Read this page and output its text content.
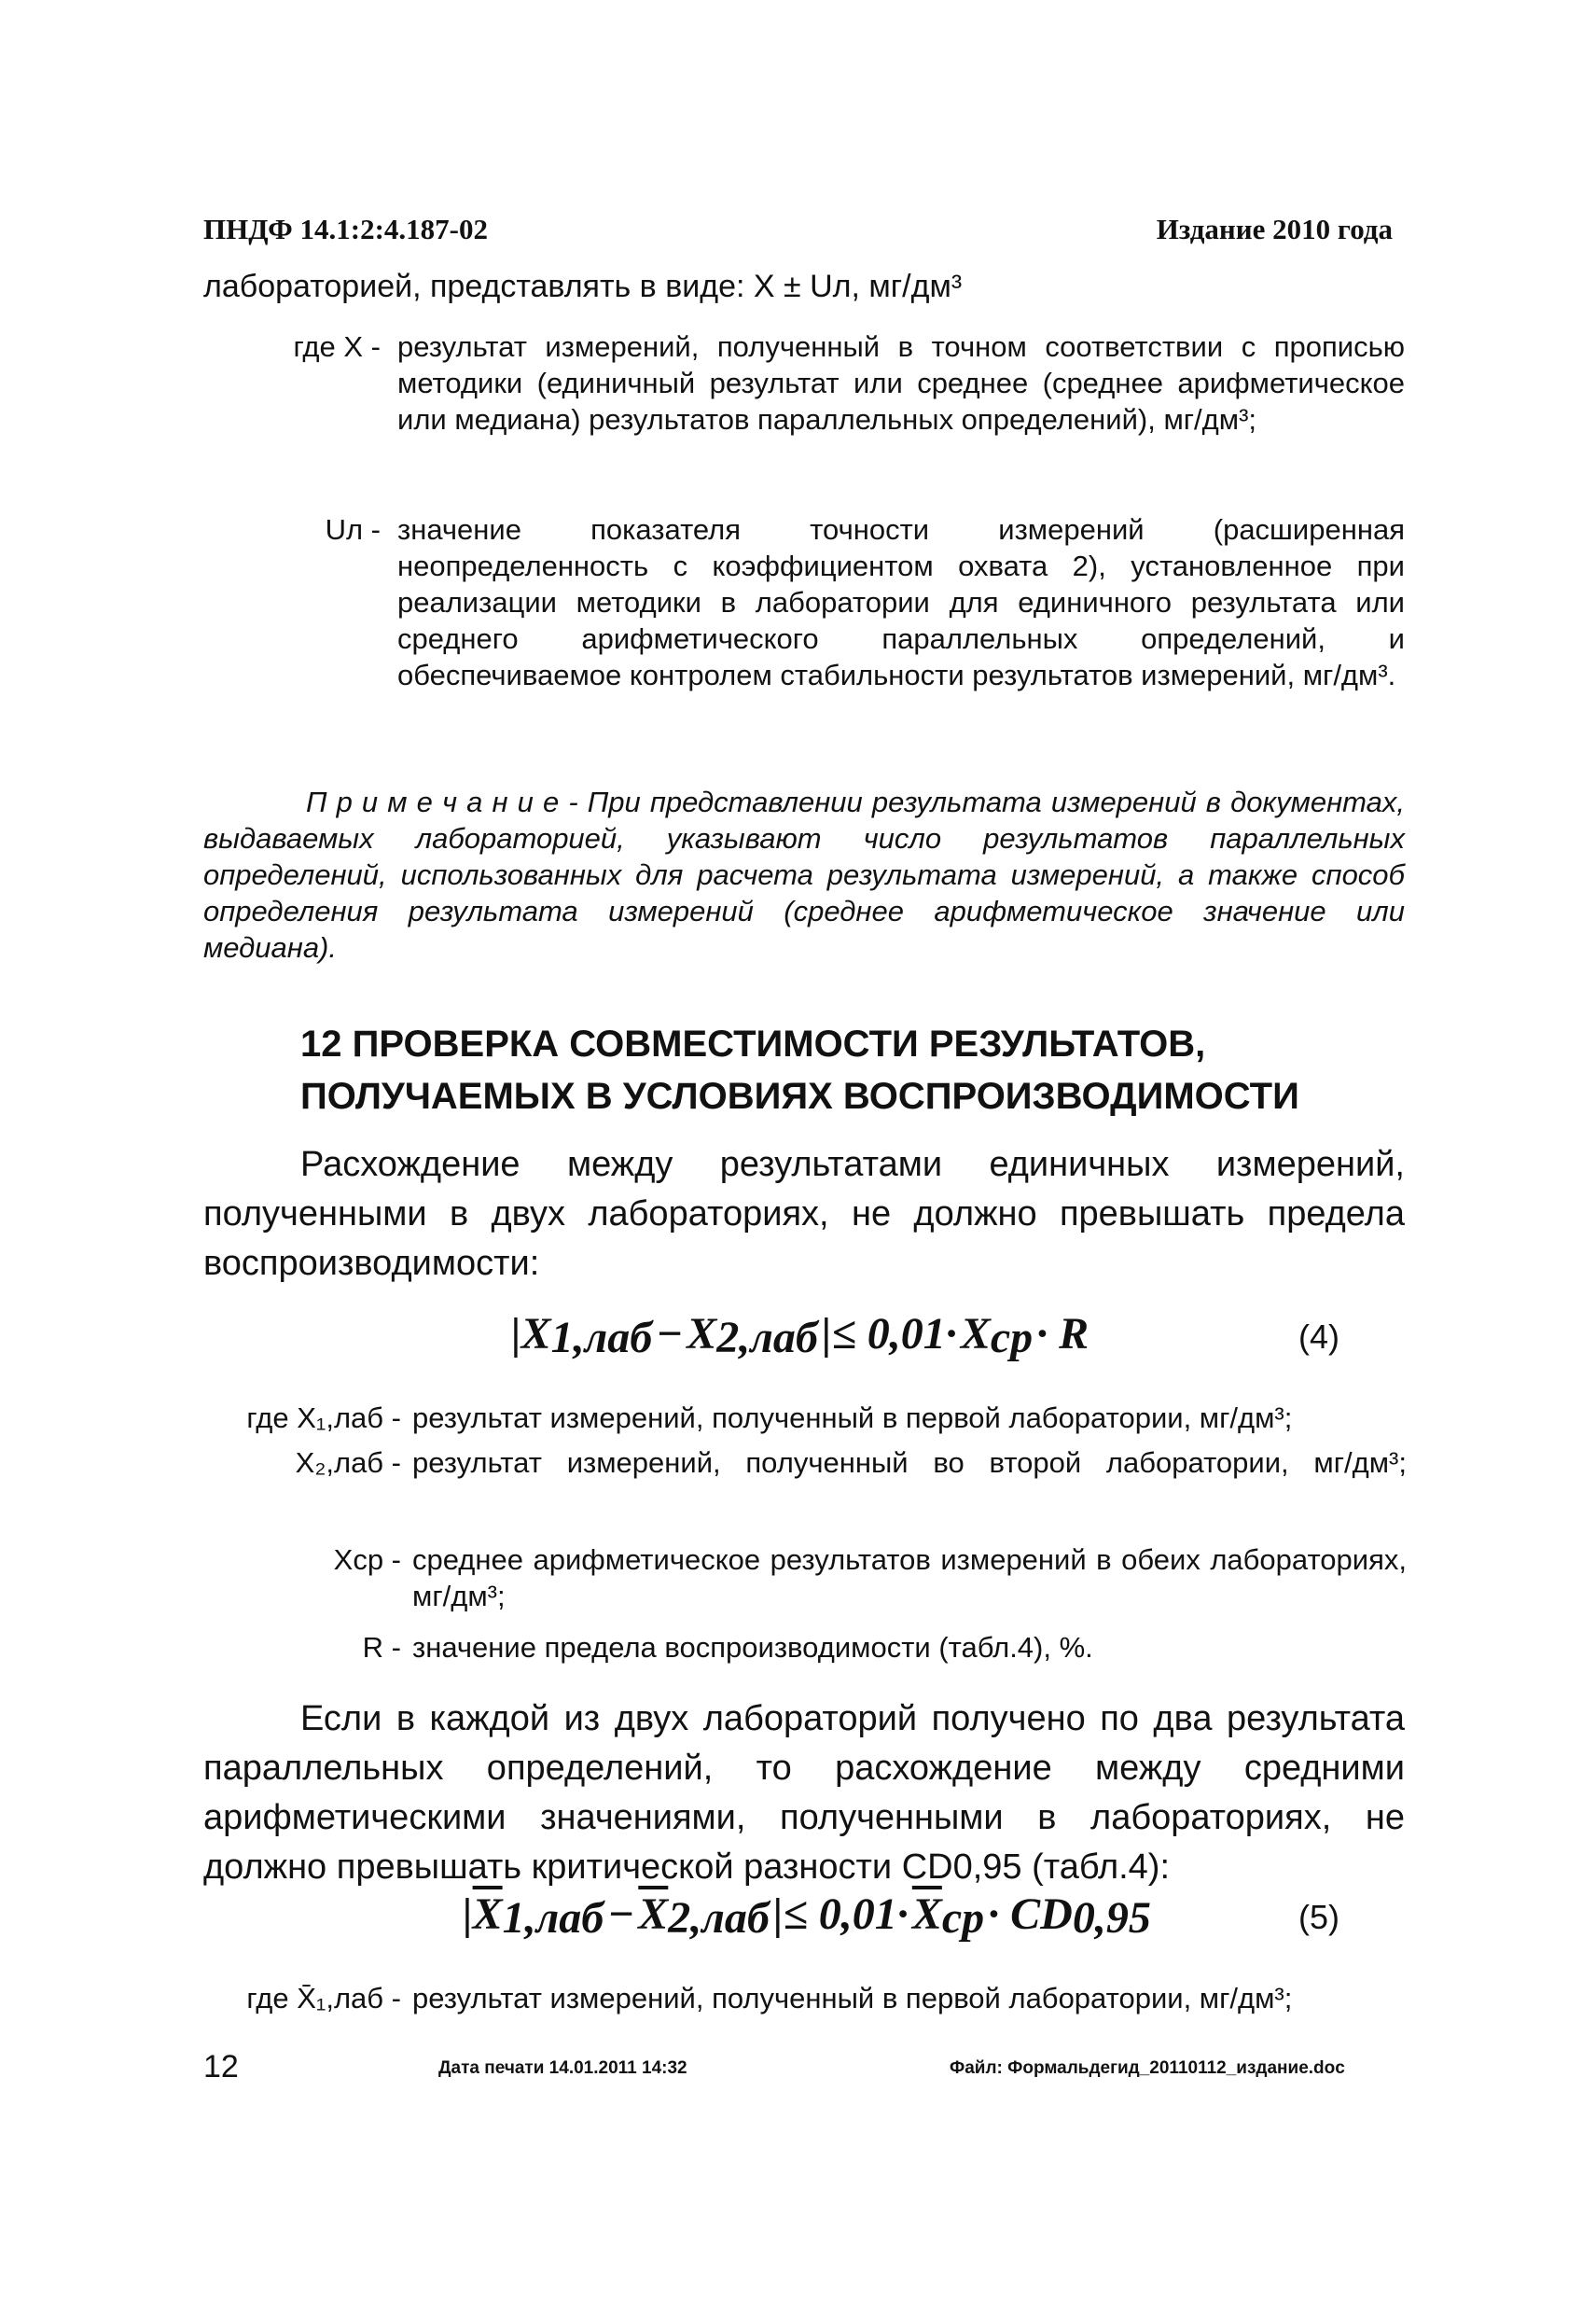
ПНДФ 14.1:2:4.187-02	Издание 2010 года
лабораторией, представлять в виде: X ± Uл, мг/дм³
где X - результат измерений, полученный в точном соответствии с прописью методики (единичный результат или среднее (среднее арифметическое или медиана) результатов параллельных определений), мг/дм³;
Uл - значение показателя точности измерений (расширенная неопределенность с коэффициентом охвата 2), установленное при реализации методики в лаборатории для единичного результата или среднего арифметического параллельных определений, и обеспечиваемое контролем стабильности результатов измерений, мг/дм³.
П р и м е ч а н и е - При представлении результата измерений в документах, выдаваемых лабораторией, указывают число результатов параллельных определений, использованных для расчета результата измерений, а также способ определения результата измерений (среднее арифметическое значение или медиана).
12 ПРОВЕРКА СОВМЕСТИМОСТИ РЕЗУЛЬТАТОВ,
ПОЛУЧАЕМЫХ В УСЛОВИЯХ ВОСПРОИЗВОДИМОСТИ
Расхождение между результатами единичных измерений, полученными в двух лабораториях, не должно превышать предела воспроизводимости:
$|X_{1,лаб} - X_{2,лаб}$ |≤ $0,01\cdot X_{ср} \cdot R$	(4)
где X₁,лаб - результат измерений, полученный в первой лаборатории, мг/дм³;
X₂,лаб - результат измерений, полученный во второй лаборатории, мг/дм³;
Xср - среднее арифметическое результатов измерений в обеих лабораториях, мг/дм³;
R - значение предела воспроизводимости (табл.4), %.
Если в каждой из двух лабораторий получено по два результата параллельных определений, то расхождение между средними арифметическими значениями, полученными в лабораториях, не должно превышать критической разности CD0,95 (табл.4):
$|\overline{X}_{1,лаб} - \overline{X}_{2,лаб}$ |≤ $0,01\cdot \overline{X}_{ср} \cdot CD_{0,95}$	(5)
где X̄₁,лаб - результат измерений, полученный в первой лаборатории, мг/дм³;
12	Дата печати 14.01.2011 14:32	Файл: Формальдегид_20110112_издание.doc
